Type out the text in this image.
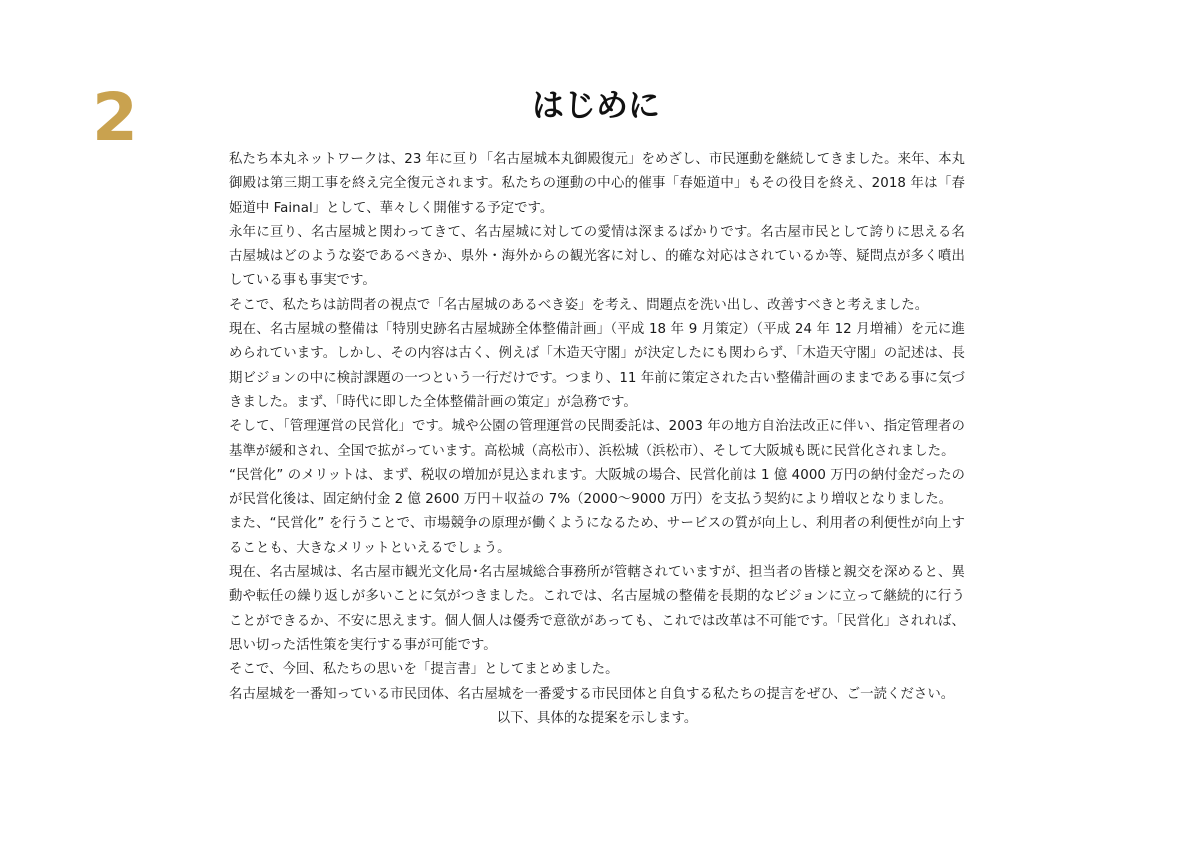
2	はじめに

私たち本丸ネットワークは、23 年に亘り「名古屋城本丸御殿復元」をめざし、市民運動を継続してきました。来年、本丸御殿は第三期工事を終え完全復元されます。私たちの運動の中心的催事「春姫道中」もその役目を終え、2018 年は「春姫道中 Fainal」として、華々しく開催する予定です。

永年に亘り、名古屋城と関わってきて、名古屋城に対しての愛情は深まるばかりです。名古屋市民として誇りに思える名古屋城はどのような姿であるべきか、県外・海外からの観光客に対し、的確な対応はされているか等、疑問点が多く噴出している事も事実です。

そこで、私たちは訪問者の視点で「名古屋城のあるべき姿」を考え、問題点を洗い出し、改善すべきと考えました。

現在、名古屋城の整備は「特別史跡名古屋城跡全体整備計画」（平成 18 年 9 月策定）（平成 24 年 12 月増補）を元に進められています。しかし、その内容は古く、例えば「木造天守閣」が決定したにも関わらず、「木造天守閣」の記述は、長期ビジョンの中に検討課題の一つという一行だけです。つまり、11 年前に策定された古い整備計画のままである事に気づきました。まず、「時代に即した全体整備計画の策定」が急務です。

そして、「管理運営の民営化」です。城や公園の管理運営の民間委託は、2003 年の地方自治法改正に伴い、指定管理者の基準が緩和され、全国で拡がっています。高松城（高松市）、浜松城（浜松市）、そして大阪城も既に民営化されました。

“民営化” のメリットは、まず、税収の増加が見込まれます。大阪城の場合、民営化前は 1 億 4000 万円の納付金だったのが民営化後は、固定納付金 2 億 2600 万円＋収益の 7%（2000～9000 万円）を支払う契約により増収となりました。

また、“民営化” を行うことで、市場競争の原理が働くようになるため、サービスの質が向上し、利用者の利便性が向上することも、大きなメリットといえるでしょう。

現在、名古屋城は、名古屋市観光文化局･名古屋城総合事務所が管轄されていますが、担当者の皆様と親交を深めると、異動や転任の繰り返しが多いことに気がつきました。これでは、名古屋城の整備を長期的なビジョンに立って継続的に行うことができるか、不安に思えます。個人個人は優秀で意欲があっても、これでは改革は不可能です。「民営化」されれば、思い切った活性策を実行する事が可能です。

そこで、今回、私たちの思いを「提言書」としてまとめました。

名古屋城を一番知っている市民団体、名古屋城を一番愛する市民団体と自負する私たちの提言をぜひ、ご一読ください。

以下、具体的な提案を示します。
